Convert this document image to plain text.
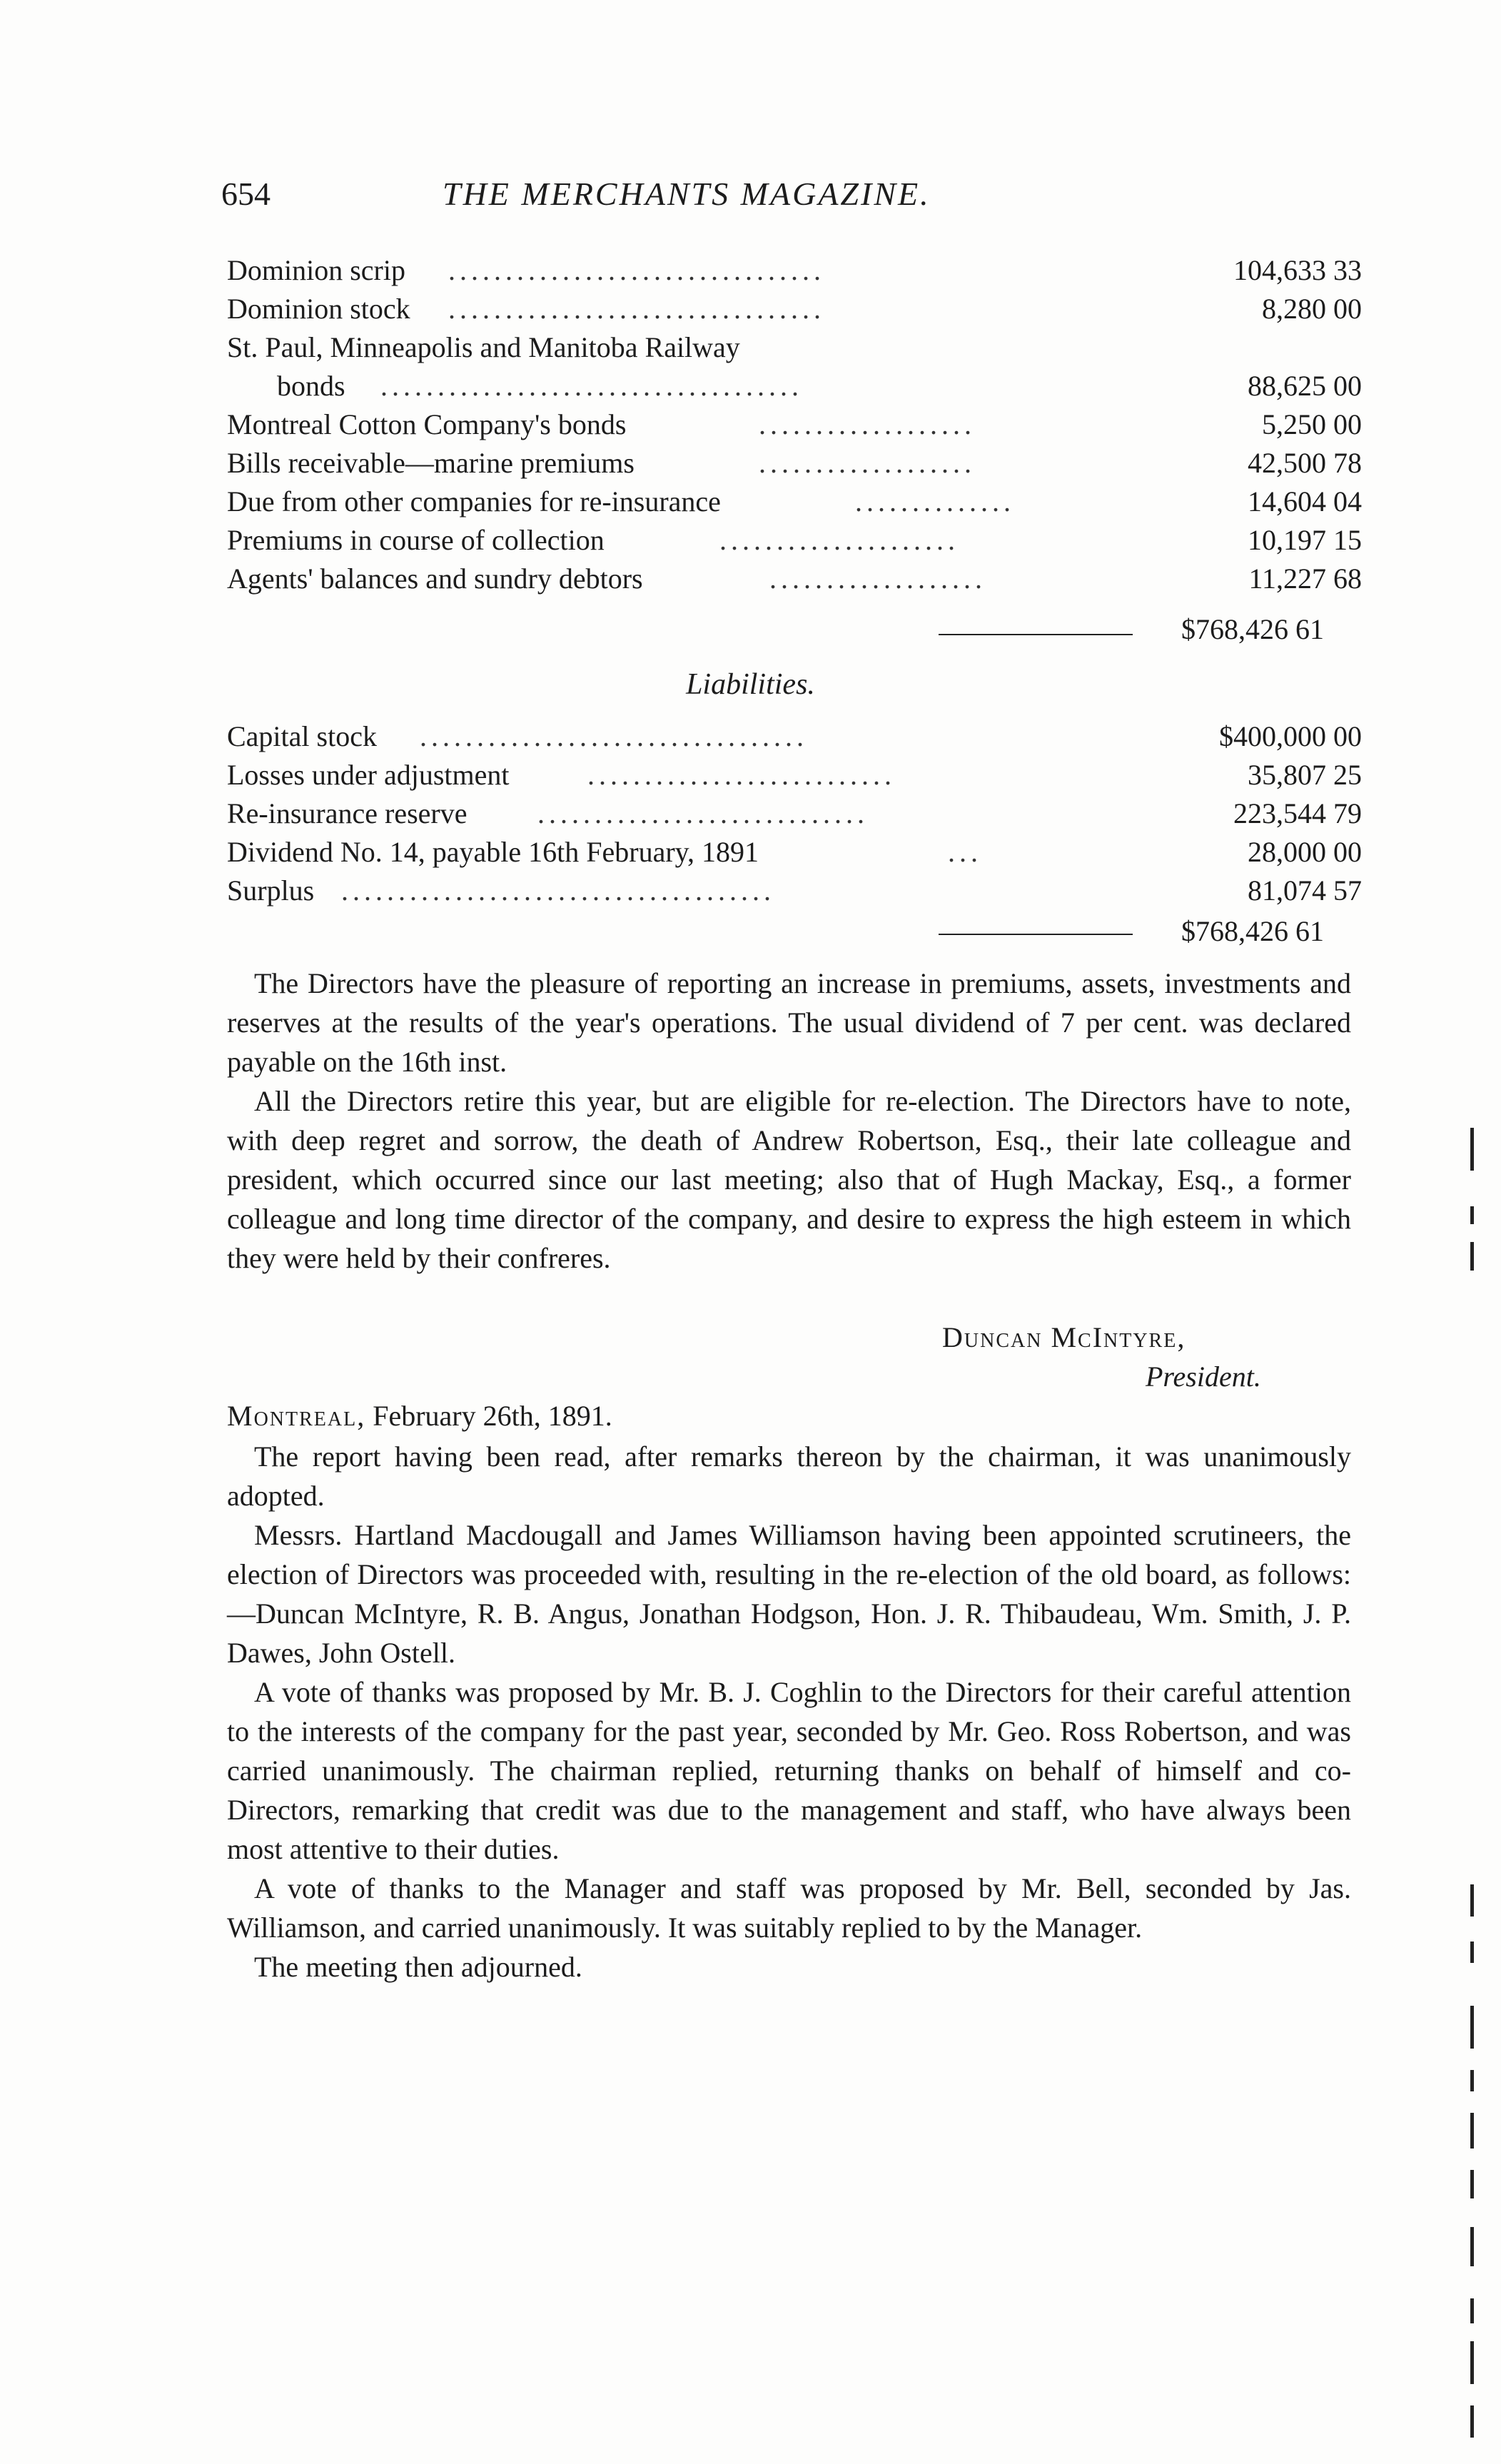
654	THE MERCHANTS MAGAZINE.
Dominion scrip .................................	104,633 33
Dominion stock .................................	8,280 00
St. Paul, Minneapolis and Manitoba Railway
bonds .....................................	88,625 00
Montreal Cotton Company's bonds	...................	5,250 00
Bills receivable—marine premiums	...................	42,500 78
Due from other companies for re-insurance	..............	14,604 04
Premiums in course of collection	.....................	10,197 15
Agents' balances and sundry debtors	...................	11,227 68
$768,426 61
Liabilities.
Capital stock ..................................	$400,000 00
Losses under adjustment	...........................	35,807 25
Re-insurance reserve .............................	223,544 79
Dividend No. 14, payable 16th February, 1891	...	28,000 00
Surplus ......................................	81,074 57
$768,426 61

The Directors have the pleasure of reporting an increase in premiums, assets, investments and reserves at the results of the year's operations. The usual dividend of 7 per cent. was declared payable on the 16th inst.

All the Directors retire this year, but are eligible for re-election. The Directors have to note, with deep regret and sorrow, the death of Andrew Robertson, Esq., their late colleague and president, which occurred since our last meeting; also that of Hugh Mackay, Esq., a former colleague and long time director of the company, and desire to express the high esteem in which they were held by their confreres.

Duncan McIntyre,
President.
Montreal, February 26th, 1891.

The report having been read, after remarks thereon by the chairman, it was unanimously adopted.

Messrs. Hartland Macdougall and James Williamson having been appointed scrutineers, the election of Directors was proceeded with, resulting in the re-election of the old board, as follows:—Duncan McIntyre, R. B. Angus, Jonathan Hodgson, Hon. J. R. Thibaudeau, Wm. Smith, J. P. Dawes, John Ostell.

A vote of thanks was proposed by Mr. B. J. Coghlin to the Directors for their careful attention to the interests of the company for the past year, seconded by Mr. Geo. Ross Robertson, and was carried unanimously. The chairman replied, returning thanks on behalf of himself and co-Directors, remarking that credit was due to the management and staff, who have always been most attentive to their duties.

A vote of thanks to the Manager and staff was proposed by Mr. Bell, seconded by Jas. Williamson, and carried unanimously. It was suitably replied to by the Manager.

The meeting then adjourned.
